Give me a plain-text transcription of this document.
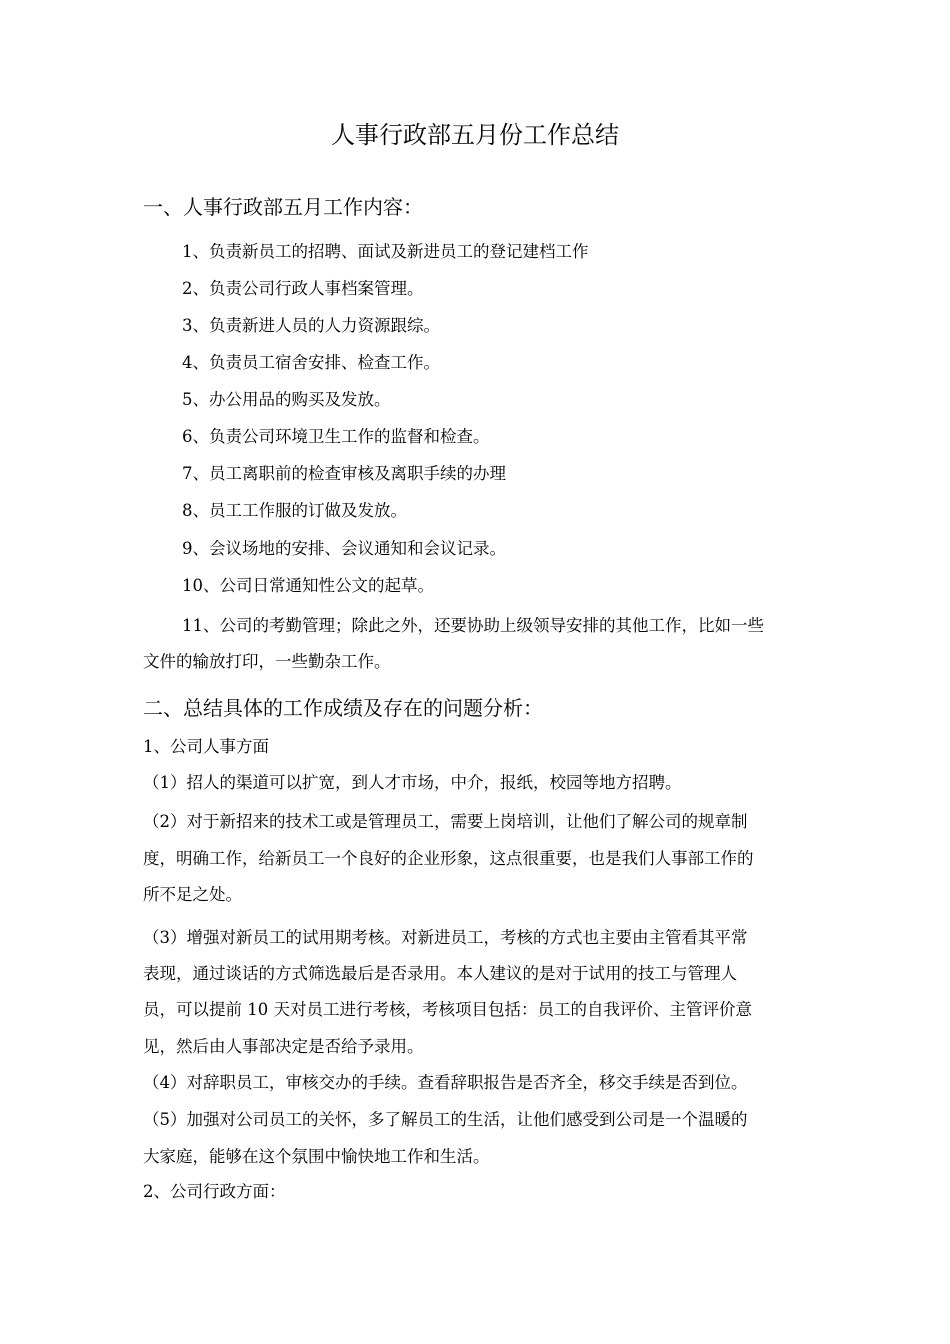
人事行政部五月份工作总结
一、人事行政部五月工作内容：
1、负责新员工的招聘、面试及新进员工的登记建档工作
2、负责公司行政人事档案管理。
3、负责新进人员的人力资源跟综。
4、负责员工宿舍安排、检查工作。
5、办公用品的购买及发放。
6、负责公司环境卫生工作的监督和检查。
7、员工离职前的检查审核及离职手续的办理
8、员工工作服的订做及发放。
9、会议场地的安排、会议通知和会议记录。
10、公司日常通知性公文的起草。
11、公司的考勤管理；除此之外，还要协助上级领导安排的其他工作，比如一些
文件的输放打印，一些勤杂工作。
二、总结具体的工作成绩及存在的问题分析：
1、公司人事方面
（1）招人的渠道可以扩宽，到人才市场，中介，报纸，校园等地方招聘。
（2）对于新招来的技术工或是管理员工，需要上岗培训，让他们了解公司的规章制
度，明确工作，给新员工一个良好的企业形象，这点很重要，也是我们人事部工作的
所不足之处。
（3）增强对新员工的试用期考核。对新进员工，考核的方式也主要由主管看其平常
表现，通过谈话的方式筛选最后是否录用。本人建议的是对于试用的技工与管理人
员，可以提前 10 天对员工进行考核，考核项目包括：员工的自我评价、主管评价意
见，然后由人事部决定是否给予录用。
（4）对辞职员工，审核交办的手续。查看辞职报告是否齐全，移交手续是否到位。
（5）加强对公司员工的关怀，多了解员工的生活，让他们感受到公司是一个温暖的
大家庭，能够在这个氛围中愉快地工作和生活。
2、公司行政方面：
